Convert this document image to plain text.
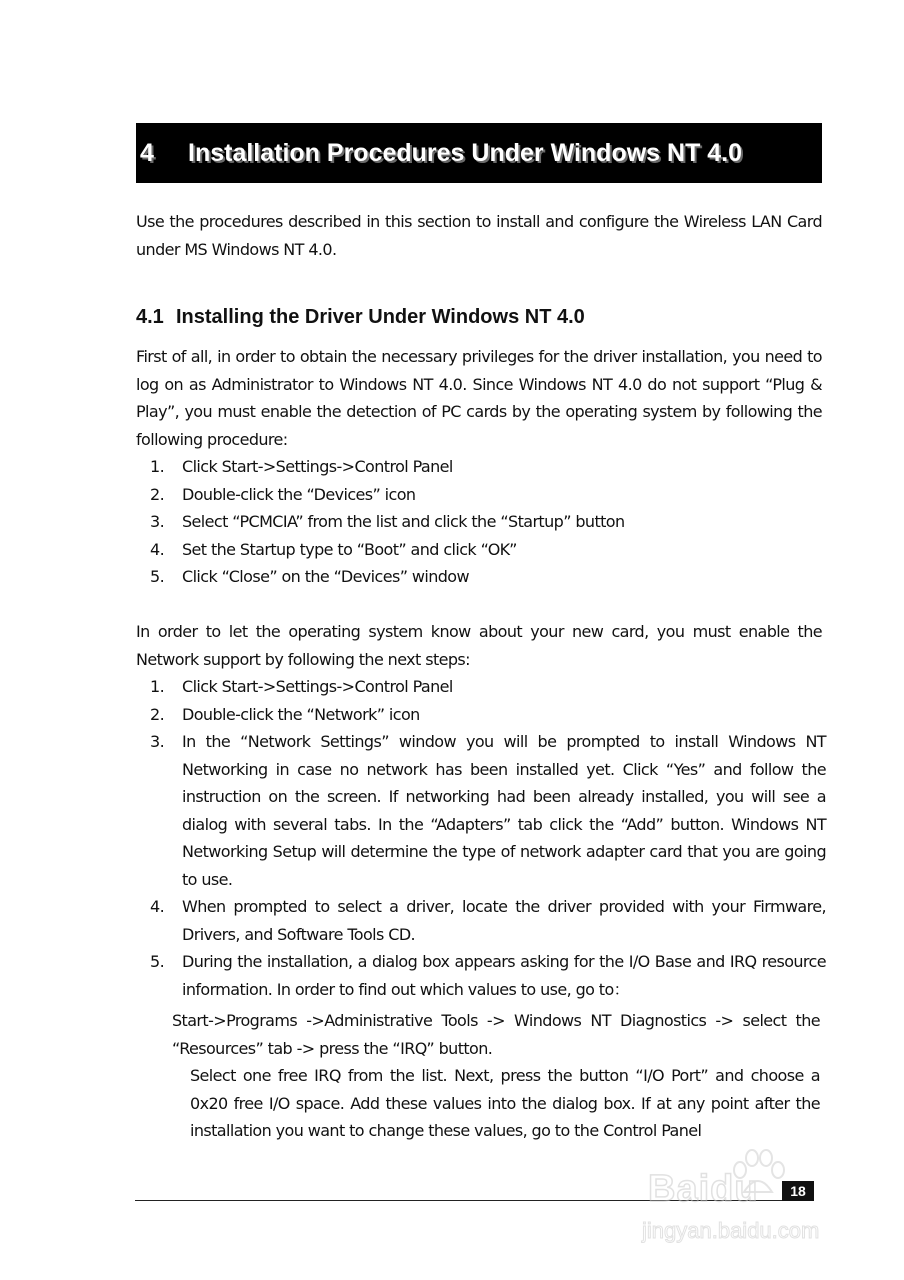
4	Installation Procedures Under Windows NT 4.0

Use the procedures described in this section to install and configure the Wireless LAN Card under MS Windows NT 4.0.

4.1 Installing the Driver Under Windows NT 4.0

First of all, in order to obtain the necessary privileges for the driver installation, you need to log on as Administrator to Windows NT 4.0. Since Windows NT 4.0 do not support “Plug & Play”, you must enable the detection of PC cards by the operating system by following the following procedure:

1. Click Start->Settings->Control Panel
2. Double-click the “Devices” icon
3. Select “PCMCIA” from the list and click the “Startup” button
4. Set the Startup type to “Boot” and click “OK”
5. Click “Close” on the “Devices” window

In order to let the operating system know about your new card, you must enable the Network support by following the next steps:

1. Click Start->Settings->Control Panel
2. Double-click the “Network” icon
3. In the “Network Settings” window you will be prompted to install Windows NT Networking in case no network has been installed yet. Click “Yes” and follow the instruction on the screen. If networking had been already installed, you will see a dialog with several tabs. In the “Adapters” tab click the “Add” button. Windows NT Networking Setup will determine the type of network adapter card that you are going to use.
4. When prompted to select a driver, locate the driver provided with your Firmware, Drivers, and Software Tools CD.
5. During the installation, a dialog box appears asking for the I/O Base and IRQ resource information. In order to find out which values to use, go to：

Start->Programs ->Administrative Tools -> Windows NT Diagnostics -> select the “Resources” tab -> press the “IRQ” button.

Select one free IRQ from the list. Next, press the button “I/O Port” and choose a 0x20 free I/O space. Add these values into the dialog box. If at any point after the installation you want to change these values, go to the Control Panel

18
Baidu
jingyan.baidu.com
